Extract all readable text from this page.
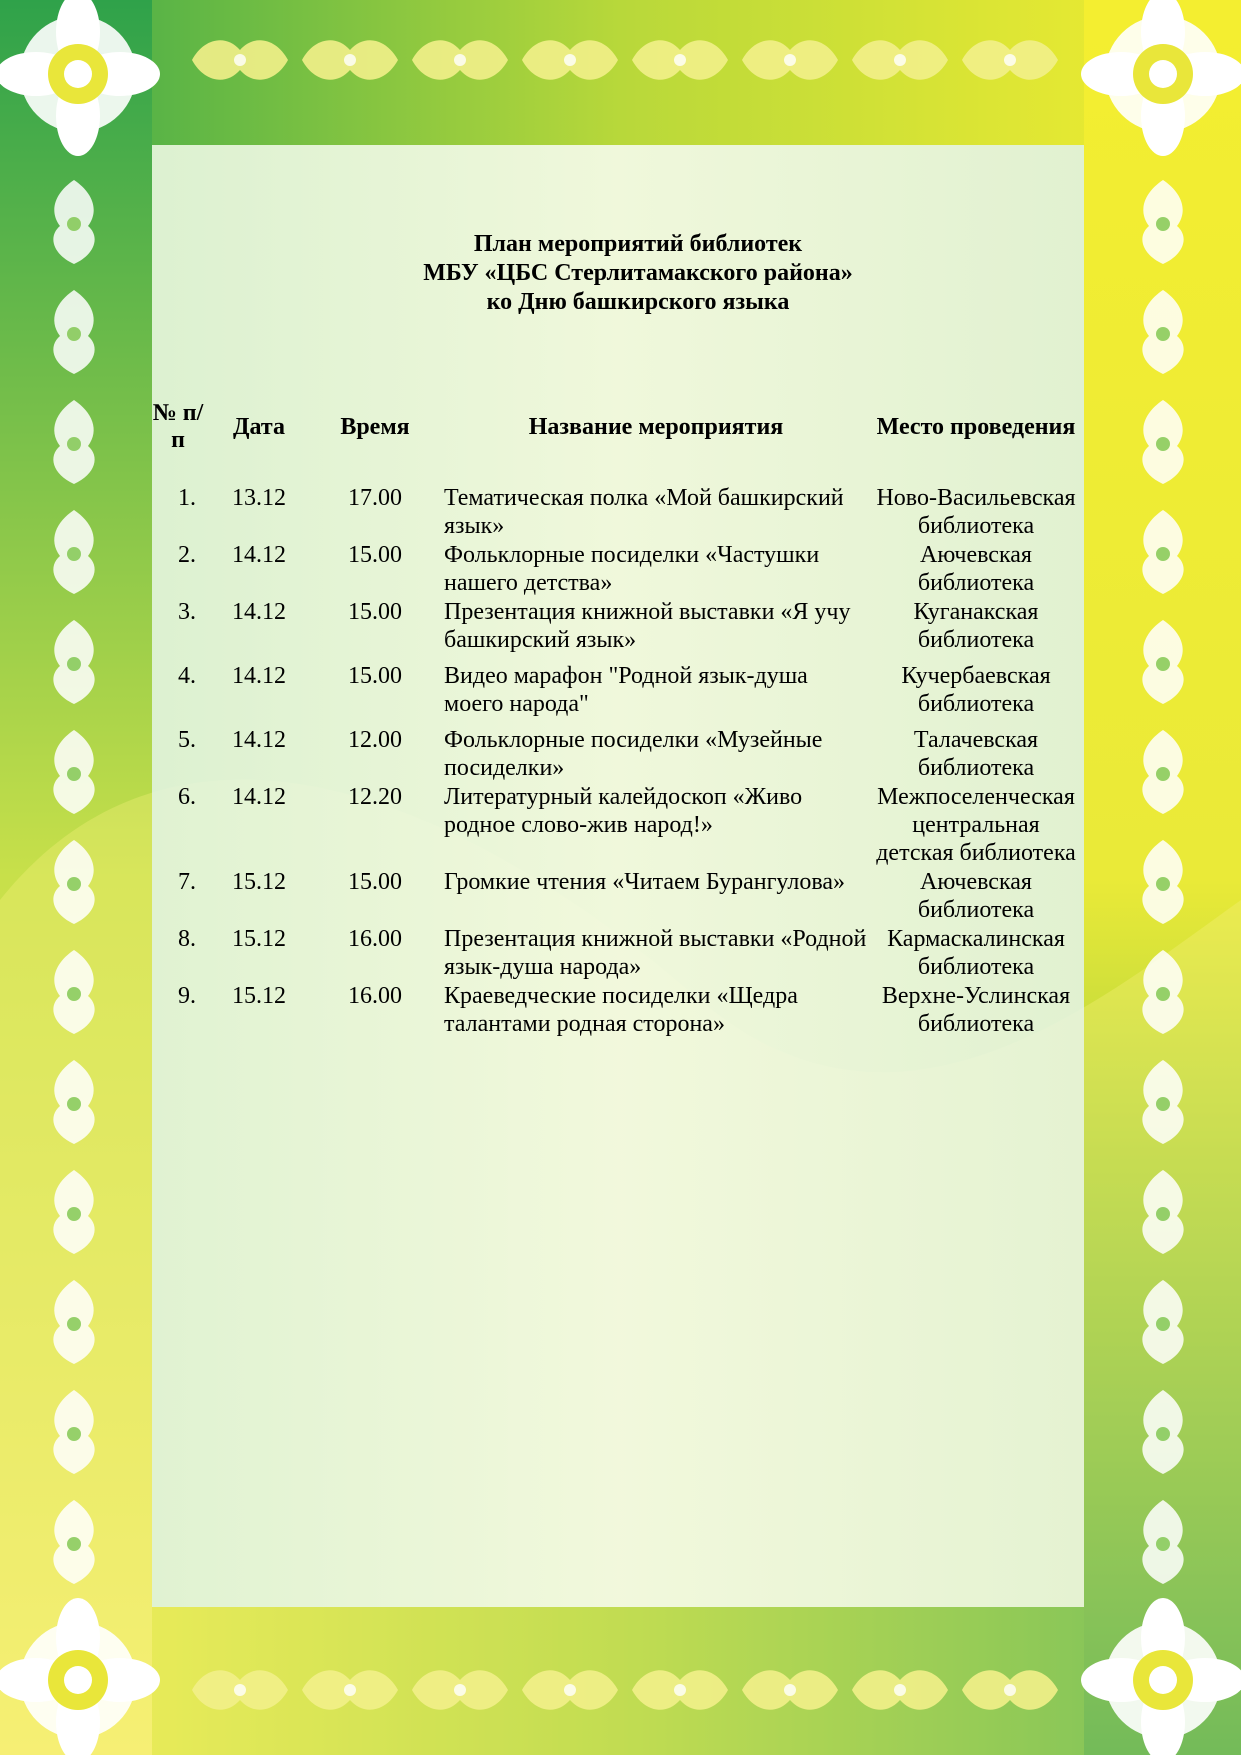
План мероприятий библиотек
МБУ «ЦБС Стерлитамакского района»
ко Дню башкирского языка
№ п/п	Дата	Время	Название мероприятия	Место проведения
1.	13.12	17.00	Тематическая полка «Мой башкирский язык»	Ново-Васильевская библиотека
2.	14.12	15.00	Фольклорные посиделки «Частушки нашего детства»	Аючевская библиотека
3.	14.12	15.00	Презентация книжной выставки «Я учу башкирский язык»	Куганакская библиотека
4.	14.12	15.00	Видео марафон "Родной язык-душа моего народа"	Кучербаевская библиотека
5.	14.12	12.00	Фольклорные посиделки «Музейные посиделки»	Талачевская библиотека
6.	14.12	12.20	Литературный калейдоскоп «Живо родное слово-жив народ!»	Межпоселенческая центральная детская библиотека
7.	15.12	15.00	Громкие чтения «Читаем Бурангулова»	Аючевская библиотека
8.	15.12	16.00	Презентация книжной выставки «Родной язык-душа народа»	Кармаскалинская библиотека
9.	15.12	16.00	Краеведческие посиделки «Щедра талантами родная сторона»	Верхне-Услинская библиотека
